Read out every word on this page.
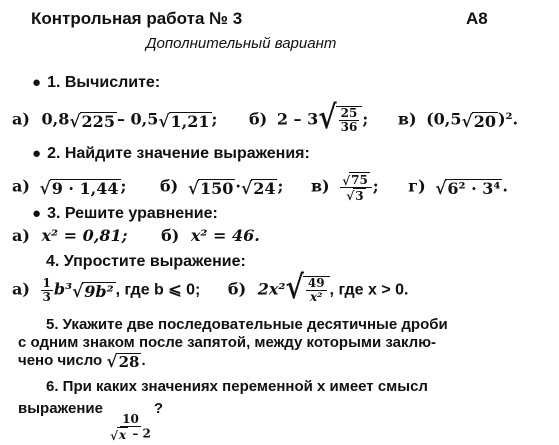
Контрольная работа № 3	А8
Дополнительный вариант
● 1. Вычислите:
а) 0,8 √ 225 – 0,5 √ 1,21 ; б) 2 – 3 √ $\frac{25}{36}$ ; в) (0,5 √ 20 )².
● 2. Найдите значение выражения:
а) √ 9 · 1,44 ; б) √ 150 · √ 24 ; $в) \frac{√ 75}{√ 3}$ ; г) √ 6² · 3⁴ .
● 3. Решите уравнение:
а) x² = 0,81; б) x² = 46.
4. Упростите выражение:
$а) \frac{1}{3} b^3$ √ 9b² , где b ⩽ 0; б) 2x² √ $\frac{49}{\text{x²}}$ , где x > 0.
5. Укажите две последовательные десятичные дроби
с одним знаком после запятой, между которыми заклю-
чено число √ 28 .
6. При каких значениях переменной x имеет смысл
выражение
$\frac{10}{√ x - 2}$
?
